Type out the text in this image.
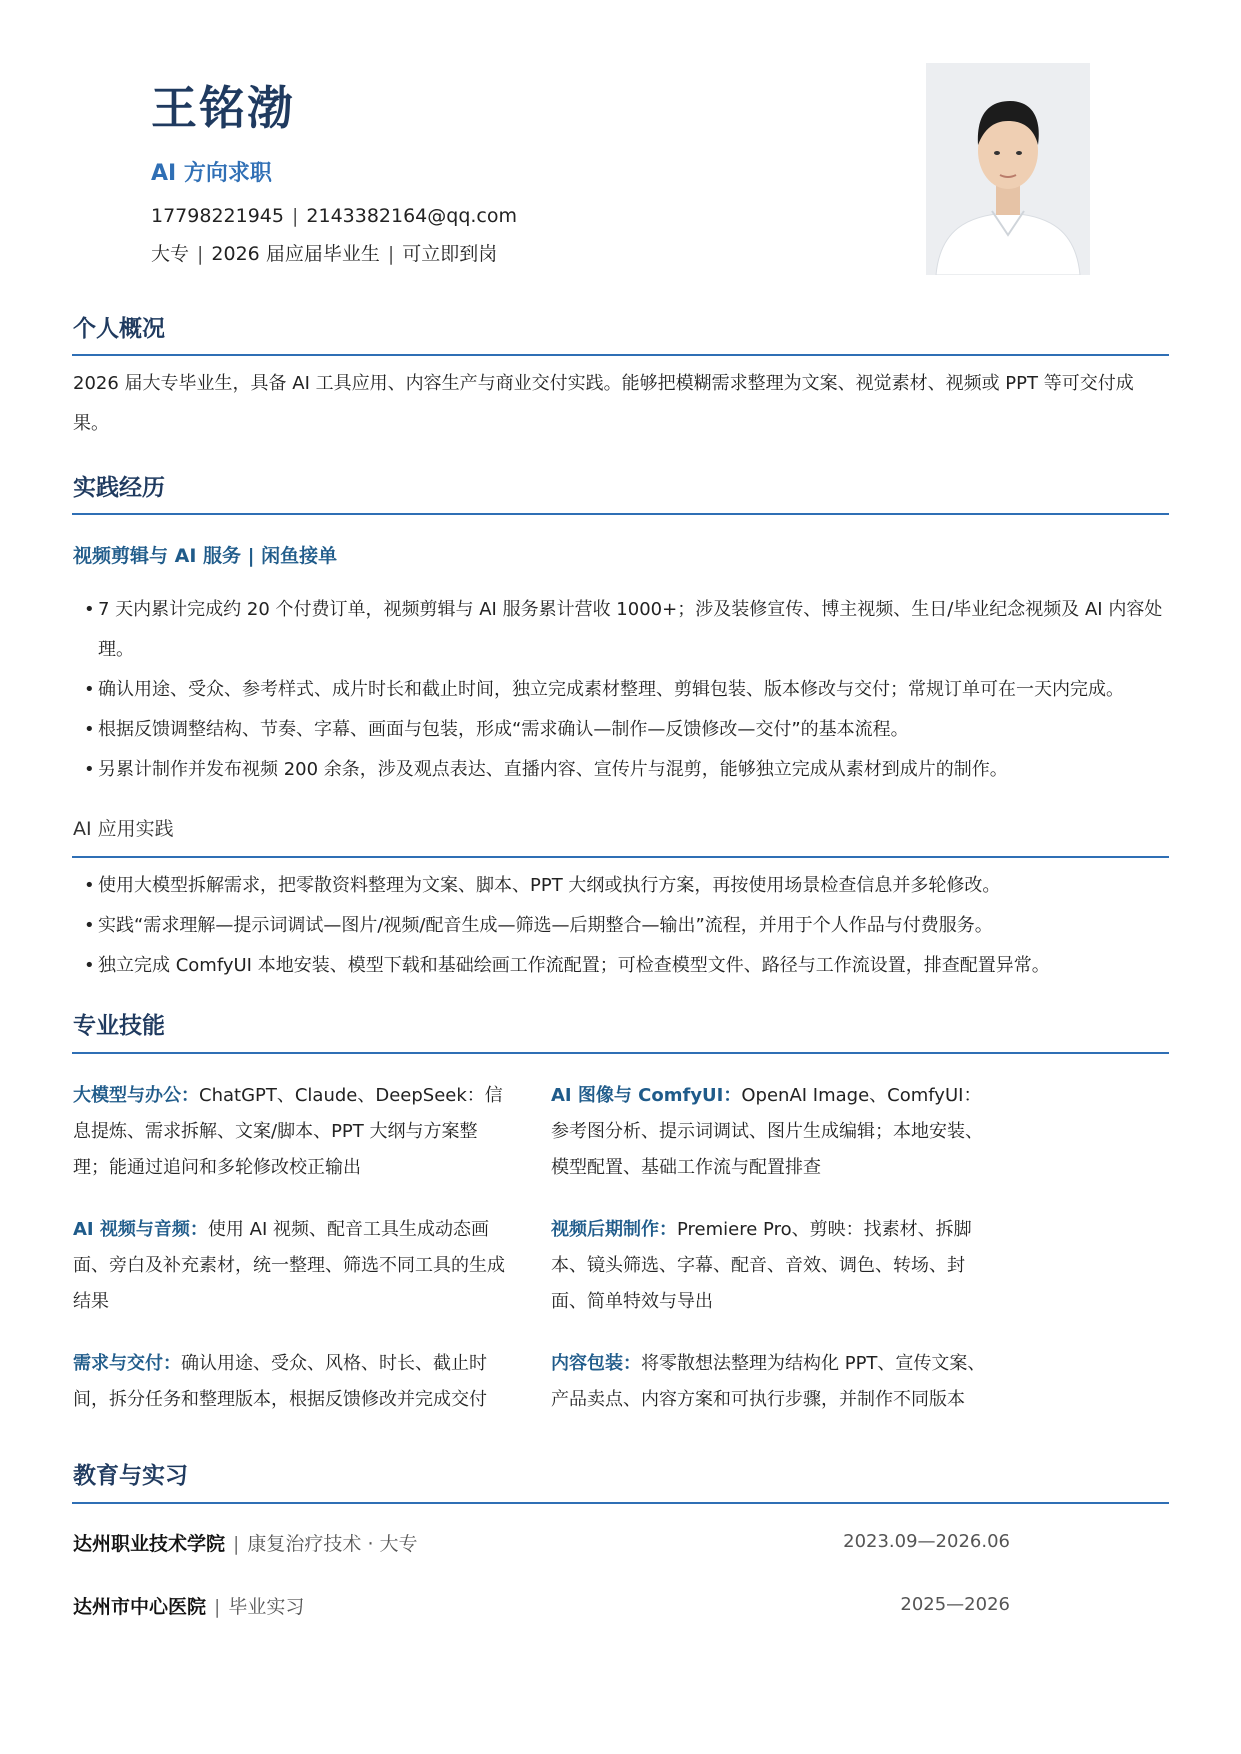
王铭渤
AI 方向求职
17798221945 | 2143382164@qq.com
大专 | 2026 届应届毕业生 | 可立即到岗
个人概况
2026 届大专毕业生，具备 AI 工具应用、内容生产与商业交付实践。能够把模糊需求整理为文案、视觉素材、视频或 PPT 等可交付成果。
实践经历
视频剪辑与 AI 服务 | 闲鱼接单
• 7 天内累计完成约 20 个付费订单，视频剪辑与 AI 服务累计营收 1000+；涉及装修宣传、博主视频、生日/毕业纪念视频及 AI 内容处理。
• 确认用途、受众、参考样式、成片时长和截止时间，独立完成素材整理、剪辑包装、版本修改与交付；常规订单可在一天内完成。
• 根据反馈调整结构、节奏、字幕、画面与包装，形成“需求确认—制作—反馈修改—交付”的基本流程。
• 另累计制作并发布视频 200 余条，涉及观点表达、直播内容、宣传片与混剪，能够独立完成从素材到成片的制作。
AI 应用实践
• 使用大模型拆解需求，把零散资料整理为文案、脚本、PPT 大纲或执行方案，再按使用场景检查信息并多轮修改。
• 实践“需求理解—提示词调试—图片/视频/配音生成—筛选—后期整合—输出”流程，并用于个人作品与付费服务。
• 独立完成 ComfyUI 本地安装、模型下载和基础绘画工作流配置；可检查模型文件、路径与工作流设置，排查配置异常。
专业技能
大模型与办公：ChatGPT、Claude、DeepSeek：信息提炼、需求拆解、文案/脚本、PPT 大纲与方案整理；能通过追问和多轮修改校正输出
AI 图像与 ComfyUI：OpenAI Image、ComfyUI：参考图分析、提示词调试、图片生成编辑；本地安装、模型配置、基础工作流与配置排查
AI 视频与音频：使用 AI 视频、配音工具生成动态画面、旁白及补充素材，统一整理、筛选不同工具的生成结果
视频后期制作：Premiere Pro、剪映：找素材、拆脚本、镜头筛选、字幕、配音、音效、调色、转场、封面、简单特效与导出
需求与交付：确认用途、受众、风格、时长、截止时间，拆分任务和整理版本，根据反馈修改并完成交付
内容包装：将零散想法整理为结构化 PPT、宣传文案、产品卖点、内容方案和可执行步骤，并制作不同版本
教育与实习
达州职业技术学院 | 康复治疗技术 · 大专	2023.09—2026.06
达州市中心医院 | 毕业实习	2025—2026
